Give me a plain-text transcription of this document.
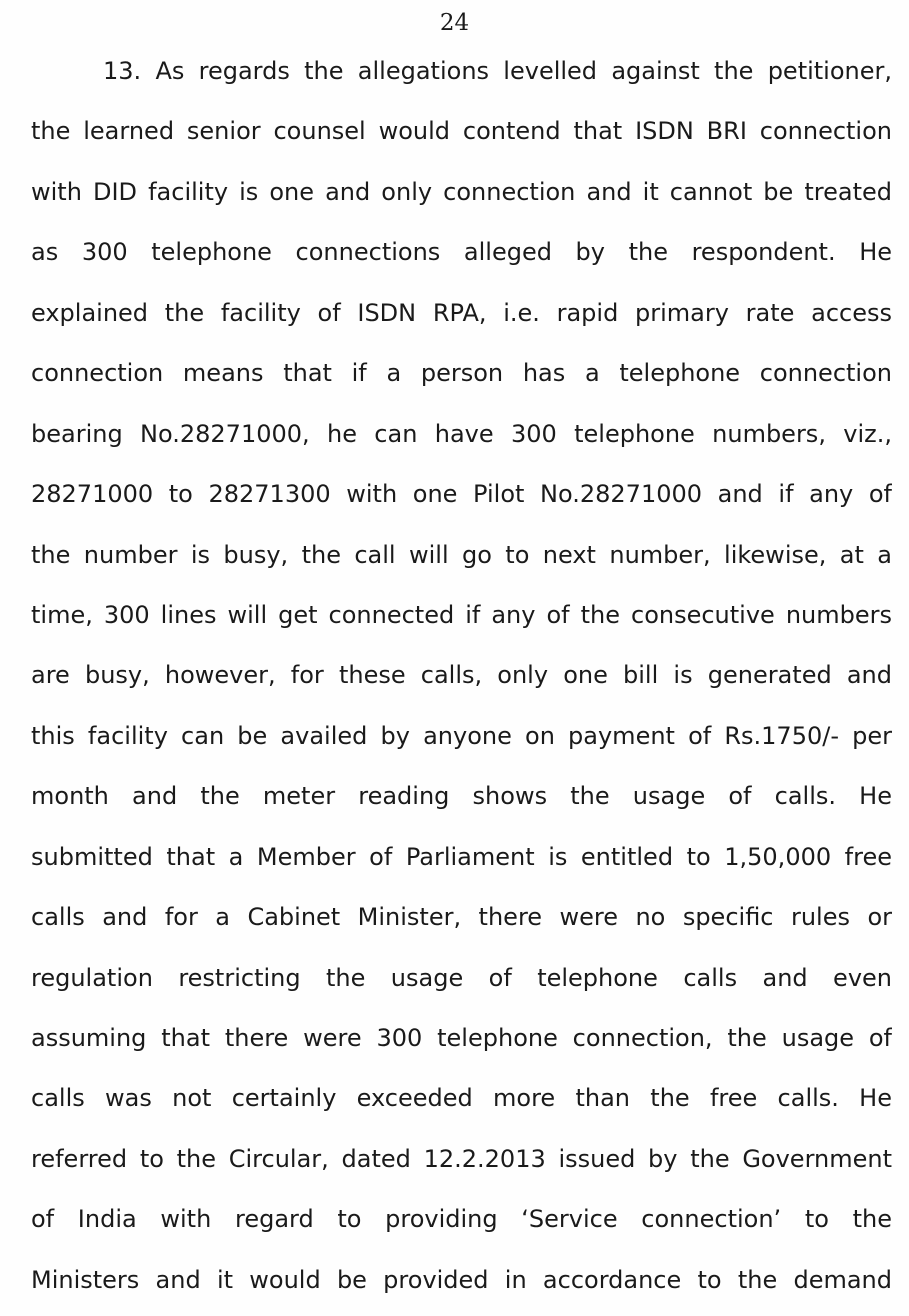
24
13. As regards the allegations levelled against the petitioner,
the learned senior counsel would contend that ISDN BRI connection
with DID facility is one and only connection and it cannot be treated
as 300 telephone connections alleged by the respondent. He
explained the facility of ISDN RPA, i.e. rapid primary rate access
connection means that if a person has a telephone connection
bearing No.28271000, he can have 300 telephone numbers, viz.,
28271000 to 28271300 with one Pilot No.28271000 and if any of
the number is busy, the call will go to next number, likewise, at a
time, 300 lines will get connected if any of the consecutive numbers
are busy, however, for these calls, only one bill is generated and
this facility can be availed by anyone on payment of Rs.1750/- per
month and the meter reading shows the usage of calls. He
submitted that a Member of Parliament is entitled to 1,50,000 free
calls and for a Cabinet Minister, there were no specific rules or
regulation restricting the usage of telephone calls and even
assuming that there were 300 telephone connection, the usage of
calls was not certainly exceeded more than the free calls. He
referred to the Circular, dated 12.2.2013 issued by the Government
of India with regard to providing ‘Service connection’ to the
Ministers and it would be provided in accordance to the demand
